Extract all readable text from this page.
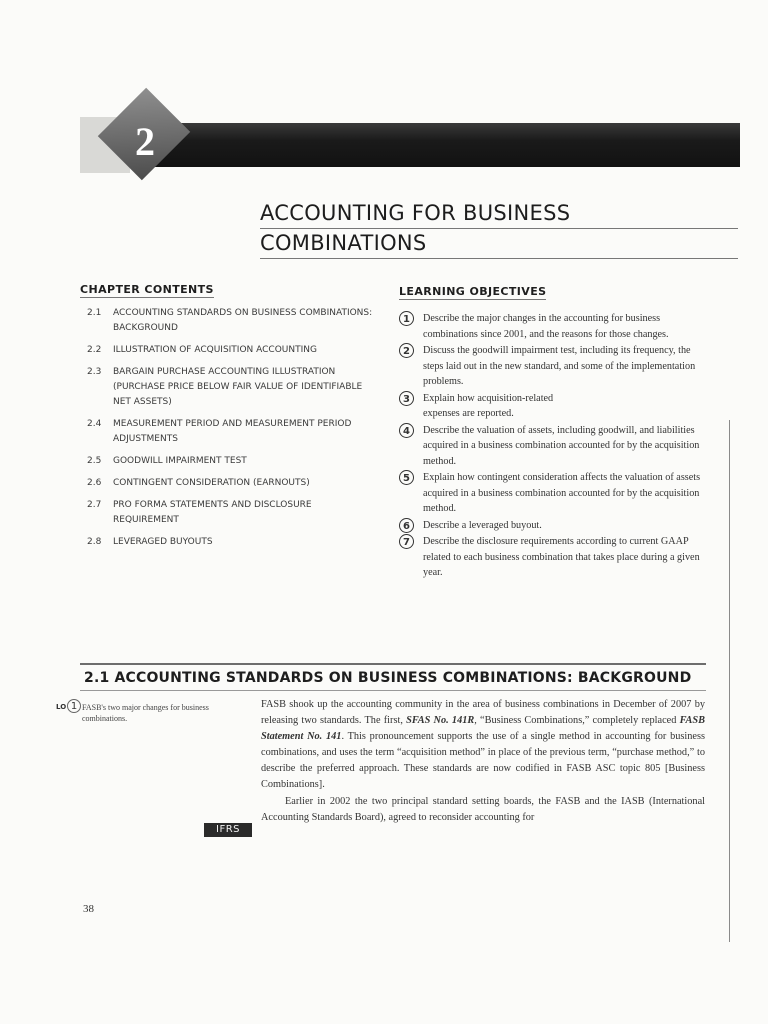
2
ACCOUNTING FOR BUSINESS
COMBINATIONS
CHAPTER CONTENTS
2.1 ACCOUNTING STANDARDS ON BUSINESS COMBINATIONS: BACKGROUND
2.2 ILLUSTRATION OF ACQUISITION ACCOUNTING
2.3 BARGAIN PURCHASE ACCOUNTING ILLUSTRATION (PURCHASE PRICE BELOW FAIR VALUE OF IDENTIFIABLE NET ASSETS)
2.4 MEASUREMENT PERIOD AND MEASUREMENT PERIOD ADJUSTMENTS
2.5 GOODWILL IMPAIRMENT TEST
2.6 CONTINGENT CONSIDERATION (EARNOUTS)
2.7 PRO FORMA STATEMENTS AND DISCLOSURE REQUIREMENT
2.8 LEVERAGED BUYOUTS
LEARNING OBJECTIVES
1	Describe the major changes in the accounting for business combinations since 2001, and the reasons for those changes.
2	Discuss the goodwill impairment test, including its frequency, the steps laid out in the new standard, and some of the implementation problems.
3	Explain how acquisition-related expenses are reported.
4	Describe the valuation of assets, including goodwill, and liabilities acquired in a business combination accounted for by the acquisition method.
5	Explain how contingent consideration affects the valuation of assets acquired in a business combination accounted for by the acquisition method.
6	Describe a leveraged buyout.
7	Describe the disclosure requirements according to current GAAP related to each business combination that takes place during a given year.
2.1 ACCOUNTING STANDARDS ON BUSINESS COMBINATIONS: BACKGROUND
LO 1 FASB's two major changes for business combinations.
IFRS

FASB shook up the accounting community in the area of business combinations in December of 2007 by releasing two standards. The first, SFAS No. 141R, “Business Combinations,” completely replaced FASB Statement No. 141. This pronouncement supports the use of a single method in accounting for business combinations, and uses the term “acquisition method” in place of the previous term, “purchase method,” to describe the preferred approach. These standards are now codified in FASB ASC topic 805 [Business Combinations].

Earlier in 2002 the two principal standard setting boards, the FASB and the IASB (International Accounting Standards Board), agreed to reconsider accounting for

38
